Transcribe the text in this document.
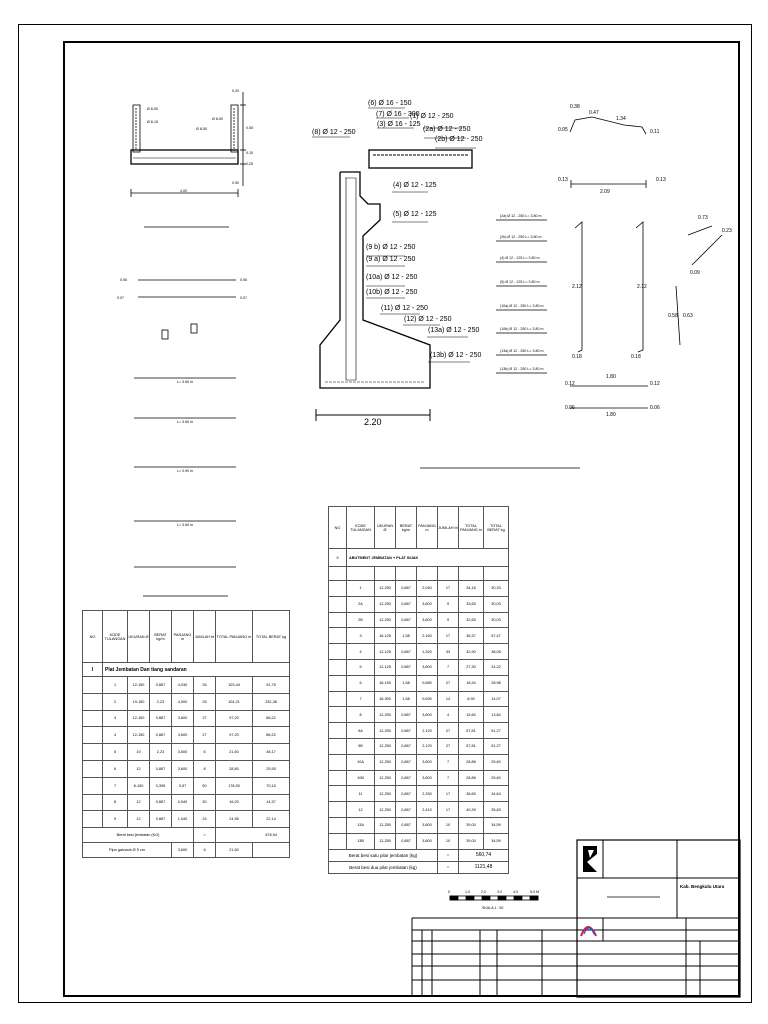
Ø 8-50
Ø 8-15
Ø 8-50
Ø 8-50
0.20
0.55
0.15
0.25
0.50
4.00
0.06	0.06
0.07	0.07
L= 3.60 m
L= 3.60 m
L= 0.90 m
L= 3.60 m
(6) Ø 16 - 150
(7) Ø 16 - 300
(3) Ø 16 - 125
(1) Ø 12 - 250
(8) Ø 12 - 250	(2a) Ø 12 - 250
(2b) Ø 12 - 250
(4) Ø 12 - 125
(5) Ø 12 - 125
(9 b) Ø 12 - 250
(9 a) Ø 12 - 250
(10a) Ø 12 - 250
(10b) Ø 12 - 250
(11) Ø 12 - 250
(12) Ø 12 - 250
(13a) Ø 12 - 250
(13b) Ø 12 - 250
2.20
0.38
0.47
1.34
0.05	0.11
0.13	0.13
2.09
0.73
0.23
2.12	2.12
0.18	0.18
0.58 0.63
0.09
1.80
0.12	0.12
0.06	0.06
1.80
(2a) Ø 12 - 250 L= 3.80 m
(2b) Ø 12 - 250 L= 3.80 m
(4) Ø 12 - 125 L= 3.80 m
(5) Ø 12 - 125 L= 3.80 m
(10a) Ø 12 - 250 L= 3.80 m
(10b) Ø 12 - 250 L= 3.80 m
(13a) Ø 12 - 250 L= 3.80 m
(13b) Ø 12 - 250 L= 3.80 m
NO	KODE TULANGAN	UKURAN Ø	BERAT kg/m	PANJANG m	JUMLAH bt	TOTAL PANJANG m	TOTAL BERAT kg
I	Plat Jembatan Dan tiang sandaran						
	1	12-150	0,887	4,030	26	103,44	91,75
	2	19-150	2,23	4,000	26	104,21	232,38
	3	12-150	0,887	3,600	27	97,20	86,22
	4	12-150	0,887	3,600	27	97,20	86,22
	5	19	2,23	3,600	6	21,60	48,17
	6	12	0,887	3,600	8	28,80	25,55
	7	8-150	0,395	3,57	50	178,50	70,15
	8	12	0,887	0,540	30	16,20	14,37
	9	12	0,887	1,040	24	24,96	22,14
Berat besi jembatan (KG)					=	676,94	
Pipa galvanis Ø 5 cm				3,600	6	21,60	
NO	KODE TULANGAN	UKURAN Ø	BERAT kg/m	PANJANG m	JUMLAH bt	TOTAL PANJANG m	TOTAL BERAT kg
II	ABUTMENT JEMBATAN + PLAT INJAK						

	1	12-250	0,887	2,040	17	34,16	30,33
	2A	12-250	0,887	3,800	9	33,65	30,03
	2B	12-250	0,887	3,800	9	32,65	30,03
	3	16-125	1,58	2,160	17	36,37	57,47
	4	12-125	0,887	1,320	33	42,90	38,08
	5	12-125	0,887	3,800	7	27,30	24,22
	6	16-150	1,58	0,680	27	18,34	28,98
	7	16-300	1,58	0,630	14	8,90	14,07
	8	12-250	0,887	3,800	4	15,60	13,84
	9A	12-250	0,887	2,120	27	57,81	51,27
	9B	12-250	0,887	2,120	27	57,81	51,27
	10A	12-250	0,887	3,800	7	28,86	25,60
	10B	12-250	0,887	3,800	7	28,86	25,60
	11	12-250	0,887	2,330	17	38,65	34,64
	12	12-250	0,887	2,410	17	40,39	35,83
	13A	12-250	0,887	3,800	10	39,00	34,59
	13B	12-250	0,887	3,800	10	39,00	34,59
Berat besi satu pilar jembatan (kg)					=	560,74	
Berat besi dua pilar jembatan (kg)					=	1121,48	
0	1,0	2,0	3,0	4,0	5,0 M
SKALA 1 : 50
Kab. Bengkulu Utara
